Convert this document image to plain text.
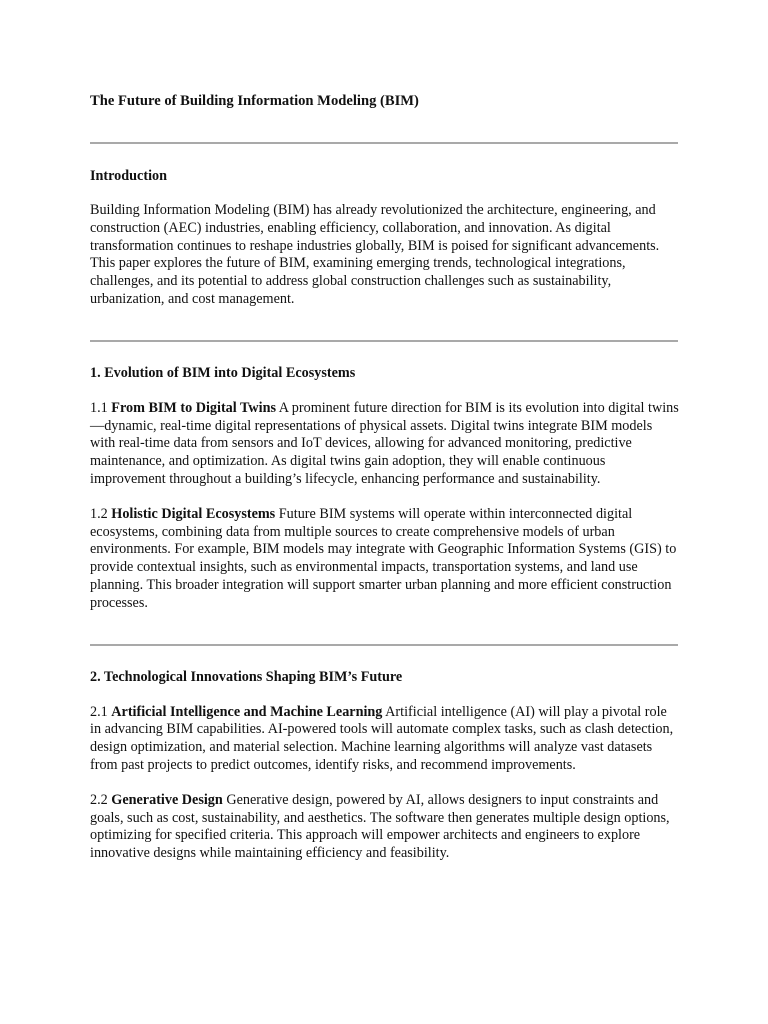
The Future of Building Information Modeling (BIM)

Introduction

Building Information Modeling (BIM) has already revolutionized the architecture, engineering, and construction (AEC) industries, enabling efficiency, collaboration, and innovation. As digital transformation continues to reshape industries globally, BIM is poised for significant advancements. This paper explores the future of BIM, examining emerging trends, technological integrations, challenges, and its potential to address global construction challenges such as sustainability, urbanization, and cost management.

1. Evolution of BIM into Digital Ecosystems

1.1 From BIM to Digital Twins A prominent future direction for BIM is its evolution into digital twins—dynamic, real-time digital representations of physical assets. Digital twins integrate BIM models with real-time data from sensors and IoT devices, allowing for advanced monitoring, predictive maintenance, and optimization. As digital twins gain adoption, they will enable continuous improvement throughout a building’s lifecycle, enhancing performance and sustainability.

1.2 Holistic Digital Ecosystems Future BIM systems will operate within interconnected digital ecosystems, combining data from multiple sources to create comprehensive models of urban environments. For example, BIM models may integrate with Geographic Information Systems (GIS) to provide contextual insights, such as environmental impacts, transportation systems, and land use planning. This broader integration will support smarter urban planning and more efficient construction processes.

2. Technological Innovations Shaping BIM’s Future

2.1 Artificial Intelligence and Machine Learning Artificial intelligence (AI) will play a pivotal role in advancing BIM capabilities. AI-powered tools will automate complex tasks, such as clash detection, design optimization, and material selection. Machine learning algorithms will analyze vast datasets from past projects to predict outcomes, identify risks, and recommend improvements.

2.2 Generative Design Generative design, powered by AI, allows designers to input constraints and goals, such as cost, sustainability, and aesthetics. The software then generates multiple design options, optimizing for specified criteria. This approach will empower architects and engineers to explore innovative designs while maintaining efficiency and feasibility.
